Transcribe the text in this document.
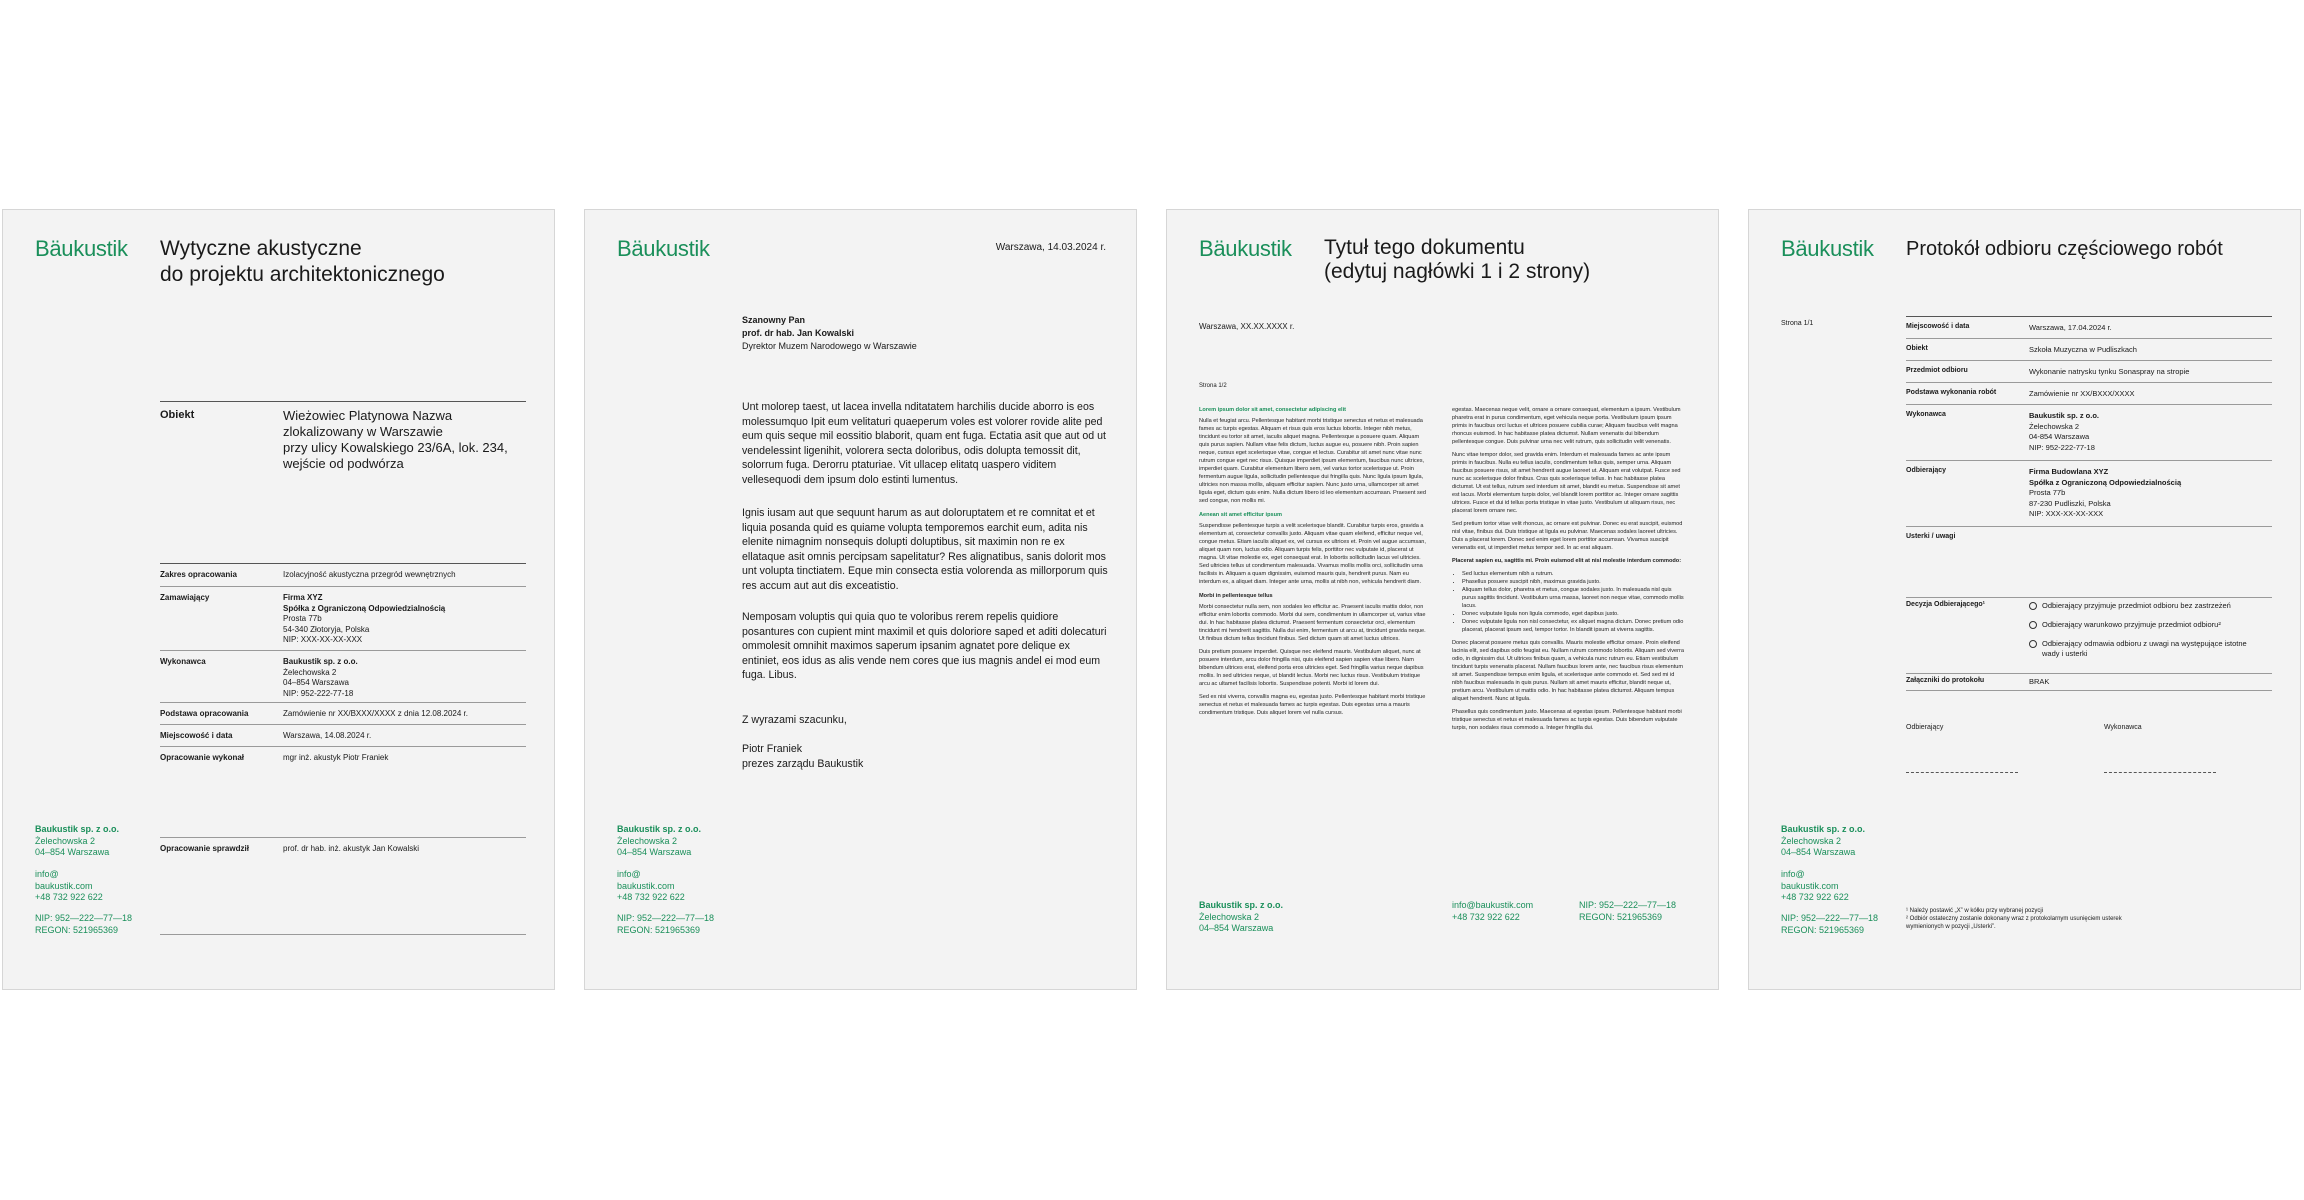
Bäukustik Wytyczne akustyczne
do projektu architektonicznego
Obiekt	Wieżowiec Platynowa Nazwa
zlokalizowany w Warszawie
przy ulicy Kowalskiego 23/6A, lok. 234,
wejście od podwórza
Zakres opracowania	Izolacyjność akustyczna przegród wewnętrznych
Zamawiający	Firma XYZ
Spółka z Ograniczoną Odpowiedzialnością
Prosta 77b
54-340 Złotoryja, Polska
NIP: XXX-XX-XX-XXX
Wykonawca	Baukustik sp. z o.o.
Żelechowska 2
04–854 Warszawa
NIP: 952-222-77-18
Podstawa opracowania	Zamówienie nr XX/BXXX/XXXX z dnia 12.08.2024 r.
Miejscowość i data	Warszawa, 14.08.2024 r.
Opracowanie wykonał	mgr inż. akustyk Piotr Franiek
Opracowanie sprawdził	prof. dr hab. inż. akustyk Jan Kowalski
Baukustik sp. z o.o.
Żelechowska 2
04–854 Warszawa
info@
baukustik.com
+48 732 922 622
NIP: 952—222—77—18
REGON: 521965369
Bäukustik	Warszawa, 14.03.2024 r.
Szanowny Pan
prof. dr hab. Jan Kowalski
Dyrektor Muzem Narodowego w Warszawie
Unt molorep taest, ut lacea invella nditatatem harchilis ducide aborro is eos molessumquo Ipit eum velitaturi quaeperum voles est volorer rovide alite ped eum quis seque mil eossitio blaborit, quam ent fuga. Ectatia asit que aut od ut vendelessint ligenihit, volorera secta doloribus, odis dolupta temossit dit, solorrum fuga. Derorru ptaturiae. Vit ullacep elitatq uaspero viditem vellesequodi dem ipsum dolo estinti lumentus.
Ignis iusam aut que sequunt harum as aut doloruptatem et re comnitat et et liquia posanda quid es quiame volupta temporemos earchit eum, adita nis elenite nimagnim nonsequis dolupti doluptibus, sit maximin non re ex ellataque asit omnis percipsam sapelitatur? Res alignatibus, sanis dolorit mos unt volupta tinctiatem. Eque min consecta estia volorenda as millorporum quis res accum aut aut dis exceatistio.
Nemposam voluptis qui quia quo te voloribus rerem repelis quidiore posantures con cupient mint maximil et quis doloriore saped et aditi dolecaturi ommolesit omnihit maximos saperum ipsanim agnatet pore delique ex entiniet, eos idus as alis vende nem cores que ius magnis andel ei mod eum fuga. Libus.
Z wyrazami szacunku,
Piotr Franiek
prezes zarządu Baukustik
Baukustik sp. z o.o.
Żelechowska 2
04–854 Warszawa
info@
baukustik.com
+48 732 922 622
NIP: 952—222—77—18
REGON: 521965369
Bäukustik Tytuł tego dokumentu
(edytuj nagłówki 1 i 2 strony)
Warszawa, XX.XX.XXXX r.
Strona 1/2
Lorem ipsum dolor sit amet, consectetur adipiscing elit

Nulla et feugiat arcu. Pellentesque habitant morbi tristique senectus et netus et malesuada fames ac turpis egestas. Aliquam et risus quis eros luctus lobortis. Integer nibh metus, tincidunt eu tortor sit amet, iaculis aliquet magna. Pellentesque a posuere quam. Aliquam quis purus sapien. Nullam vitae felis dictum, luctus augue eu, posuere nibh. Proin sapien neque, cursus eget scelerisque vitae, congue et lectus. Curabitur sit amet nunc vitae nunc rutrum congue eget nec risus. Quisque imperdiet ipsum elementum, faucibus nunc ultrices, imperdiet quam. Curabitur elementum libero sem, vel varius tortor scelerisque ut. Proin fermentum augue ligula, sollicitudin pellentesque dui fringilla quis. Nunc ligula ipsum ligula, ultricies non massa mollis, aliquam efficitur sapien. Nunc justo urna, ullamcorper sit amet ligula eget, dictum quis enim. Nulla dictum libero id leo elementum accumsan. Praesent sed sed congue, non mollis mi.

Aenean sit amet efficitur ipsum

Suspendisse pellentesque turpis a velit scelerisque blandit. Curabitur turpis eros, gravida a elementum at, consectetur convallis justo. Aliquam vitae quam eleifend, efficitur neque vel, congue metus. Etiam iaculis aliquet ex, vel cursus ex ultrices et. Proin vel augue accumsan, aliquet quam non, luctus odio. Aliquam turpis felis, porttitor nec vulputate id, placerat ut magna. Ut vitae molestie ex, eget consequat erat. In lobortis sollicitudin lacus vel ultricies. Sed ultricies tellus ut condimentum malesuada. Vivamus mollis mollis orci, sollicitudin urna facilisis in. Aliquam a quam dignissim, euismod mauris quis, hendrerit purus. Nam eu interdum ex, a aliquet diam. Integer ante urna, mollis at nibh non, vehicula hendrerit diam.

Morbi in pellentesque tellus

Morbi consectetur nulla sem, non sodales leo efficitur ac. Praesent iaculis mattis dolor, non efficitur enim lobortis commodo. Morbi dui sem, condimentum in ullamcorper ut, varius vitae dui. In hac habitasse platea dictumst. Praesent fermentum consectetur orci, elementum tincidunt mi hendrerit sagittis. Nulla dui enim, fermentum ut arcu at, tincidunt gravida neque. Ut finibus dictum tellus tincidunt finibus. Sed dictum quam sit amet luctus ultrices.

Duis pretium posuere imperdiet. Quisque nec eleifend mauris. Vestibulum aliquet, nunc at posuere interdum, arcu dolor fringilla nisi, quis eleifend sapien sapien vitae libero. Nam bibendum ultrices erat, eleifend porta eros ultricies eget. Sed fringilla varius neque dapibus mollis. In sed ultricies neque, ut blandit lectus. Morbi nec luctus risus. Vestibulum tristique arcu ac ultamet facilisis lobortis. Suspendisse potenti. Morbi id lorem dui.

Sed ex nisi viverra, convallis magna eu, egestas justo. Pellentesque habitant morbi tristique senectus et netus et malesuada fames ac turpis egestas. Duis egestas urna a mauris condimentum tristique. Duis aliquet lorem vel nulla cursus.

egestas. Maecenas neque velit, ornare a ornare consequat, elementum a ipsum. Vestibulum pharetra erat in purus condimentum, eget vehicula neque porta. Vestibulum ipsum ipsum primis in faucibus orci luctus et ultrices posuere cubilia curae; Aliquam faucibus velit magna rhoncus euismod. In hac habitasse platea dictumst. Nullam venenatis dui bibendum pellentesque congue. Duis pulvinar urna nec velit rutrum, quis sollicitudin velit venenatis.

Nunc vitae tempor dolor, sed gravida enim. Interdum et malesuada fames ac ante ipsum primis in faucibus. Nulla eu tellus iaculis, condimentum tellus quis, semper urna. Aliquam faucibus posuere risus, sit amet hendrerit augue laoreet ut. Aliquam erat volutpat. Fusce sed nunc ac scelerisque dolor finibus. Cras quis scelerisque tellus. In hac habitasse platea dictumst. Ut est tellus, rutrum sed interdum sit amet, blandit eu metus. Suspendisse sit amet est lacus. Morbi elementum turpis dolor, vel blandit lorem porttitor ac. Integer ornare sagittis ultrices. Fusce et dui id tellus porta tristique in vitae justo. Vestibulum ut aliquam risus, nec placerat lorem ornare nec.

Sed pretium tortor vitae velit rhoncus, ac ornare est pulvinar. Donec eu erat suscipit, euismod nisl vitae, finibus dui. Duis tristique at ligula eu pulvinar. Maecenas sodales laoreet ultricies. Duis a placerat lorem. Donec sed enim eget lorem porttitor accumsan. Vivamus suscipit venenatis est, ut imperdiet metus tempor sed. In ac erat aliquam.

Placerat sapien eu, sagittis mi. Proin euismod elit at nisl molestie interdum commodo:

• Sed luctus elementum nibh a rutrum.
• Phasellus posuere suscipit nibh, maximus gravida justo.
• Aliquam tellus dolor, pharetra et metus, congue sodales justo. In malesuada nisl quis purus sagittis tincidunt. Vestibulum urna massa, laoreet non neque vitae, commodo mollis lacus.
• Donec vulputate ligula non ligula commodo, eget dapibus justo.
• Donec vulputate ligula non nisl consectetur, ex aliquet magna dictum. Donec pretium odio placerat, placerat ipsum sed, tempor tortor. In blandit ipsum at viverra sagittis.

Donec placerat posuere metus quis convallis. Mauris molestie efficitur ornare. Proin eleifend lacinia elit, sed dapibus odio feugiat eu. Nullam rutrum commodo lobortis. Aliquam sed viverra odio, in dignissim dui. Ut ultrices finibus quam, a vehicula nunc rutrum eu. Etiam vestibulum tincidunt turpis venenatis placerat. Nullam faucibus lorem ante, nec faucibus risus elementum sit amet. Suspendisse tempus enim ligula, et scelerisque ante commodo et. Sed sed mi id nibh faucibus malesuada in quis purus. Nullam sit amet mauris efficitur, blandit neque ut, pretium arcu. Vestibulum ut mattis odio. In hac habitasse platea dictumst. Aliquam tempus aliquet hendrerit. Nunc at ligula.

Phasellus quis condimentum justo. Maecenas at egestas ipsum. Pellentesque habitant morbi tristique senectus et netus et malesuada fames ac turpis egestas. Duis bibendum vulputate turpis, non sodales risus commodo a. Integer fringilla dui.

Baukustik sp. z o.o.
Żelechowska 2
04–854 Warszawa
info@baukustik.com
+48 732 922 622
NIP: 952—222—77—18
REGON: 521965369
Bäukustik Protokół odbioru częściowego robót
Strona 1/1	Miejscowość i data	Warszawa, 17.04.2024 r.
Obiekt	Szkoła Muzyczna w Pudliszkach
Przedmiot odbioru	Wykonanie natrysku tynku Sonaspray na stropie
Podstawa wykonania robót	Zamówienie nr XX/BXXX/XXXX
Wykonawca	Baukustik sp. z o.o.
Żelechowska 2
04-854 Warszawa
NIP: 952-222-77-18
Odbierający	Firma Budowlana XYZ
Spółka z Ograniczoną Odpowiedzialnością
Prosta 77b
87-230 Pudliszki, Polska
NIP: XXX-XX-XX-XXX
Usterki / uwagi
Decyzja Odbierającego¹	Odbierający przyjmuje przedmiot odbioru bez zastrzeżeń
Odbierający warunkowo przyjmuje przedmiot odbioru²
Odbierający odmawia odbioru z uwagi na występujące istotne wady i usterki
Załączniki do protokołu	BRAK
Odbierający	Wykonawca
¹ Należy postawić „X” w kółku przy wybranej pozycji
² Odbiór ostateczny zostanie dokonany wraz z protokolarnym usunięciem usterek wymienionych w pozycji „Usterki”.
Baukustik sp. z o.o.
Żelechowska 2
04–854 Warszawa
info@
baukustik.com
+48 732 922 622
NIP: 952—222—77—18
REGON: 521965369
